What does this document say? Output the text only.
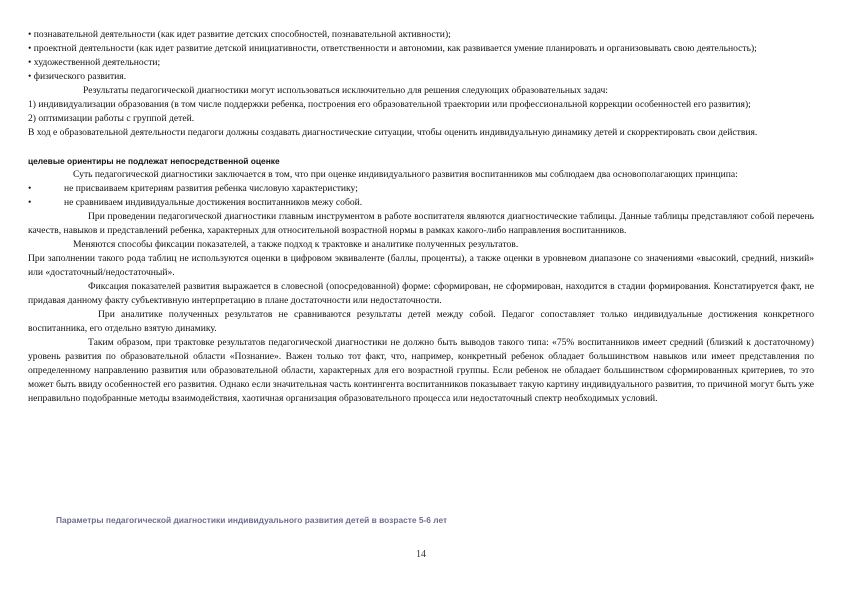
• познавательной деятельности (как идет развитие детских способностей, познавательной активности);

• проектной деятельности (как идет развитие детской инициативности, ответственности и автономии, как развивается умение планировать и организовывать свою деятельность);

• художественной деятельности;

• физического развития.

Результаты педагогической диагностики могут использоваться исключительно для решения следующих образовательных задач:

1) индивидуализации образования (в том числе поддержки ребенка, построения его образовательной траектории или профессиональной коррекции особенностей его развития);

2) оптимизации работы с группой детей.

В ход е образовательной деятельности педагоги должны создавать диагностические ситуации, чтобы оценить индивидуальную динамику детей и скорректировать свои действия.

целевые ориентиры не подлежат непосредственной оценке

Суть педагогической диагностики заключается в том, что при оценке индивидуального развития воспитанников мы соблюдаем два основополагающих принципа:

•	не присваиваем критериям развития ребенка числовую характеристику;
•	не сравниваем индивидуальные достижения воспитанников межу собой.

При проведении педагогической диагностики главным инструментом в работе воспитателя являются диагностические таблицы. Данные таблицы представляют собой перечень качеств, навыков и представлений ребенка, характерных для относительной возрастной нормы в рамках какого-либо направления воспитанников.

Меняются способы фиксации показателей, а также подход к трактовке и аналитике полученных результатов.

При заполнении такого рода таблиц не используются оценки в цифровом эквиваленте (баллы, проценты), а также оценки в уровневом диапазоне со значениями «высокий, средний, низкий» или «достаточный/недостаточный».

Фиксация показателей развития выражается в словесной (опосредованной) форме: сформирован, не сформирован, находится в стадии формирования. Констатируется факт, не придавая данному факту субъективную интерпретацию в плане достаточности или недостаточности.

При аналитике полученных результатов не сравниваются результаты детей между собой. Педагог сопоставляет только индивидуальные достижения конкретного воспитанника, его отдельно взятую динамику.

Таким образом, при трактовке результатов педагогической диагностики не должно быть выводов такого типа: «75% воспитанников имеет средний (близкий к достаточному) уровень развития по образовательной области «Познание». Важен только тот факт, что, например, конкретный ребенок обладает большинством навыков или имеет представления по определенному направлению развития или образовательной области, характерных для его возрастной группы. Если ребенок не обладает большинством сформированных критериев, то это может быть ввиду особенностей его развития. Однако если значительная часть контингента воспитанников показывает такую картину индивидуального развития, то причиной могут быть уже неправильно подобранные методы взаимодействия, хаотичная организация образовательного процесса или недостаточный спектр необходимых условий.

Параметры педагогической диагностики индивидуального развития детей в возрасте 5-6 лет
14
